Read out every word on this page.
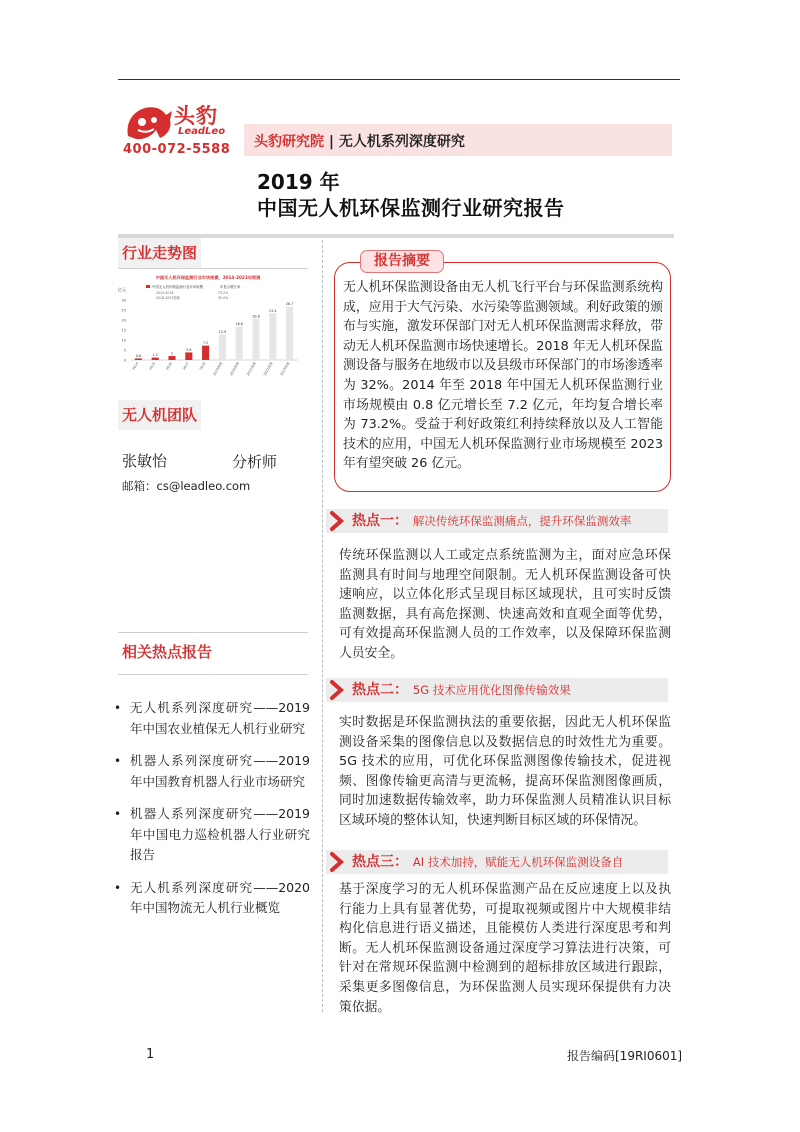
头豹
LeadLeo
400-072-5588 头豹研究院 | 无人机系列深度研究
2019 年
中国无人机环保监测行业研究报告
行业走势图
中国无人机环保监测行业市场规模，2014-2023年预测
亿元
0
5
10
15
20
25
30
中国无人机环保监测行业市场规模	年复合增长率
2014-2018	73.2%
2018-2023预测	30.0%
0.8
2014
1.2
2015
2
2016
3.8
2017
7.2
2018
12.9
2019预测
16.8
2020预测
20.6
2021预测
23.4
2022预测
26.7
2023预测
无人机团队
张敏怡	分析师
邮箱：cs@leadleo.com
相关热点报告
• 无人机系列深度研究——2019 年中国农业植保无人机行业研究
• 机器人系列深度研究——2019 年中国教育机器人行业市场研究
• 机器人系列深度研究——2019 年中国电力巡检机器人行业研究报告
• 无人机系列深度研究——2020 年中国物流无人机行业概览
报告摘要
无人机环保监测设备由无人机飞行平台与环保监测系统构成，应用于大气污染、水污染等监测领域。利好政策的颁布与实施，激发环保部门对无人机环保监测需求释放，带动无人机环保监测市场快速增长。2018 年无人机环保监测设备与服务在地级市以及县级市环保部门的市场渗透率为 32%。2014 年至 2018 年中国无人机环保监测行业市场规模由 0.8 亿元增长至 7.2 亿元，年均复合增长率为 73.2%。受益于利好政策红利持续释放以及人工智能技术的应用，中国无人机环保监测行业市场规模至 2023 年有望突破 26 亿元。
热点一： 解决传统环保监测痛点，提升环保监测效率
传统环保监测以人工或定点系统监测为主，面对应急环保监测具有时间与地理空间限制。无人机环保监测设备可快速响应，以立体化形式呈现目标区域现状，且可实时反馈监测数据，具有高危探测、快速高效和直观全面等优势，可有效提高环保监测人员的工作效率，以及保障环保监测人员安全。
热点二： 5G 技术应用优化图像传输效果
实时数据是环保监测执法的重要依据，因此无人机环保监测设备采集的图像信息以及数据信息的时效性尤为重要。5G 技术的应用，可优化环保监测图像传输技术，促进视频、图像传输更高清与更流畅，提高环保监测图像画质，同时加速数据传输效率，助力环保监测人员精准认识目标区域环境的整体认知，快速判断目标区域的环保情况。
热点三： AI 技术加持，赋能无人机环保监测设备自
基于深度学习的无人机环保监测产品在反应速度上以及执行能力上具有显著优势，可提取视频或图片中大规模非结构化信息进行语义描述，且能模仿人类进行深度思考和判断。无人机环保监测设备通过深度学习算法进行决策，可针对在常规环保监测中检测到的超标排放区域进行跟踪，采集更多图像信息，为环保监测人员实现环保提供有力决策依据。
1	报告编码[19RI0601]
